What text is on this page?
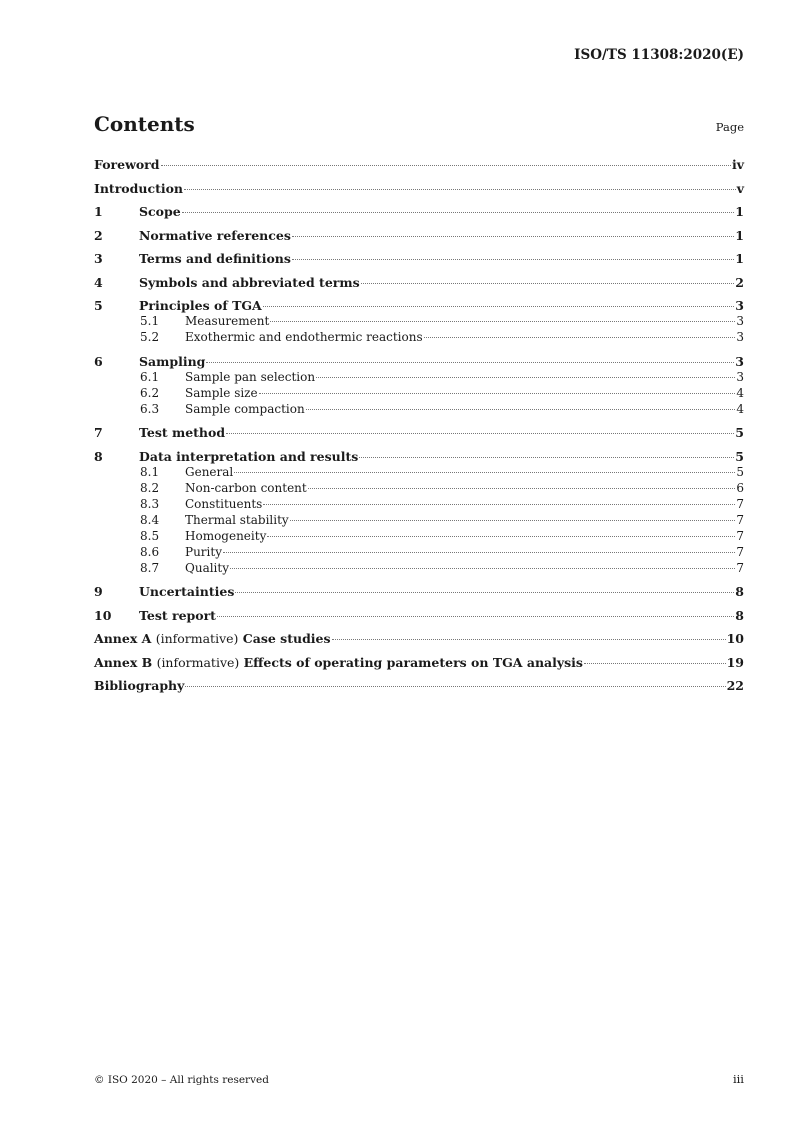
ISO/TS 11308:2020(E)
Contents	Page
Foreword	iv
Introduction	v
1	Scope	1
2	Normative references	1
3	Terms and definitions	1
4	Symbols and abbreviated terms	2
5	Principles of TGA	3
5.1	Measurement	3
5.2	Exothermic and endothermic reactions	3
6	Sampling	3
6.1	Sample pan selection	3
6.2	Sample size	4
6.3	Sample compaction	4
7	Test method	5
8	Data interpretation and results	5
8.1	General	5
8.2	Non-carbon content	6
8.3	Constituents	7
8.4	Thermal stability	7
8.5	Homogeneity	7
8.6	Purity	7
8.7	Quality	7
9	Uncertainties	8
10	Test report	8
Annex A (informative) Case studies	10
Annex B (informative) Effects of operating parameters on TGA analysis	19
Bibliography	22
© ISO 2020 – All rights reserved	iii
